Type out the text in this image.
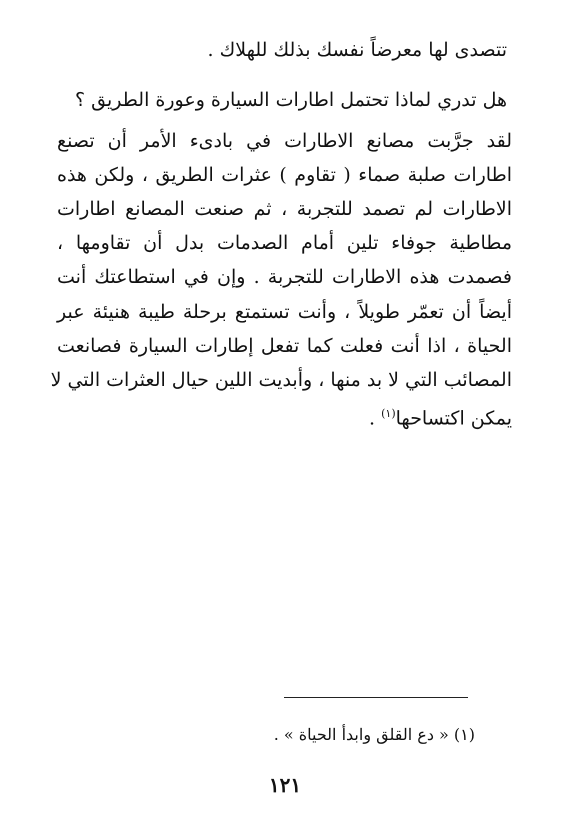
تتصدى لها معرضاً نفسك بذلك للهلاك .
هل تدري لماذا تحتمل اطارات السيارة وعورة الطريق ؟
لقد جرَّبت مصانع الاطارات في بادىء الأمر أن تصنع
اطارات صلبة صماء ( تقاوم ) عثرات الطريق ، ولكن هذه
الاطارات لم تصمد للتجربة ، ثم صنعت المصانع اطارات
مطاطية جوفاء تلين أمام الصدمات بدل أن تقاومها ،
فصمدت هذه الاطارات للتجربة . وإن في استطاعتك أنت
أيضاً أن تعمّر طويلاً ، وأنت تستمتع برحلة طيبة هنيئة عبر
الحياة ، اذا أنت فعلت كما تفعل إطارات السيارة فصانعت
المصائب التي لا بد منها ، وأبديت اللين حيال العثرات التي لا
يمكن اكتساحها$^{(١)}$ .
(١) « دع القلق وابدأ الحياة » .
١٢١
